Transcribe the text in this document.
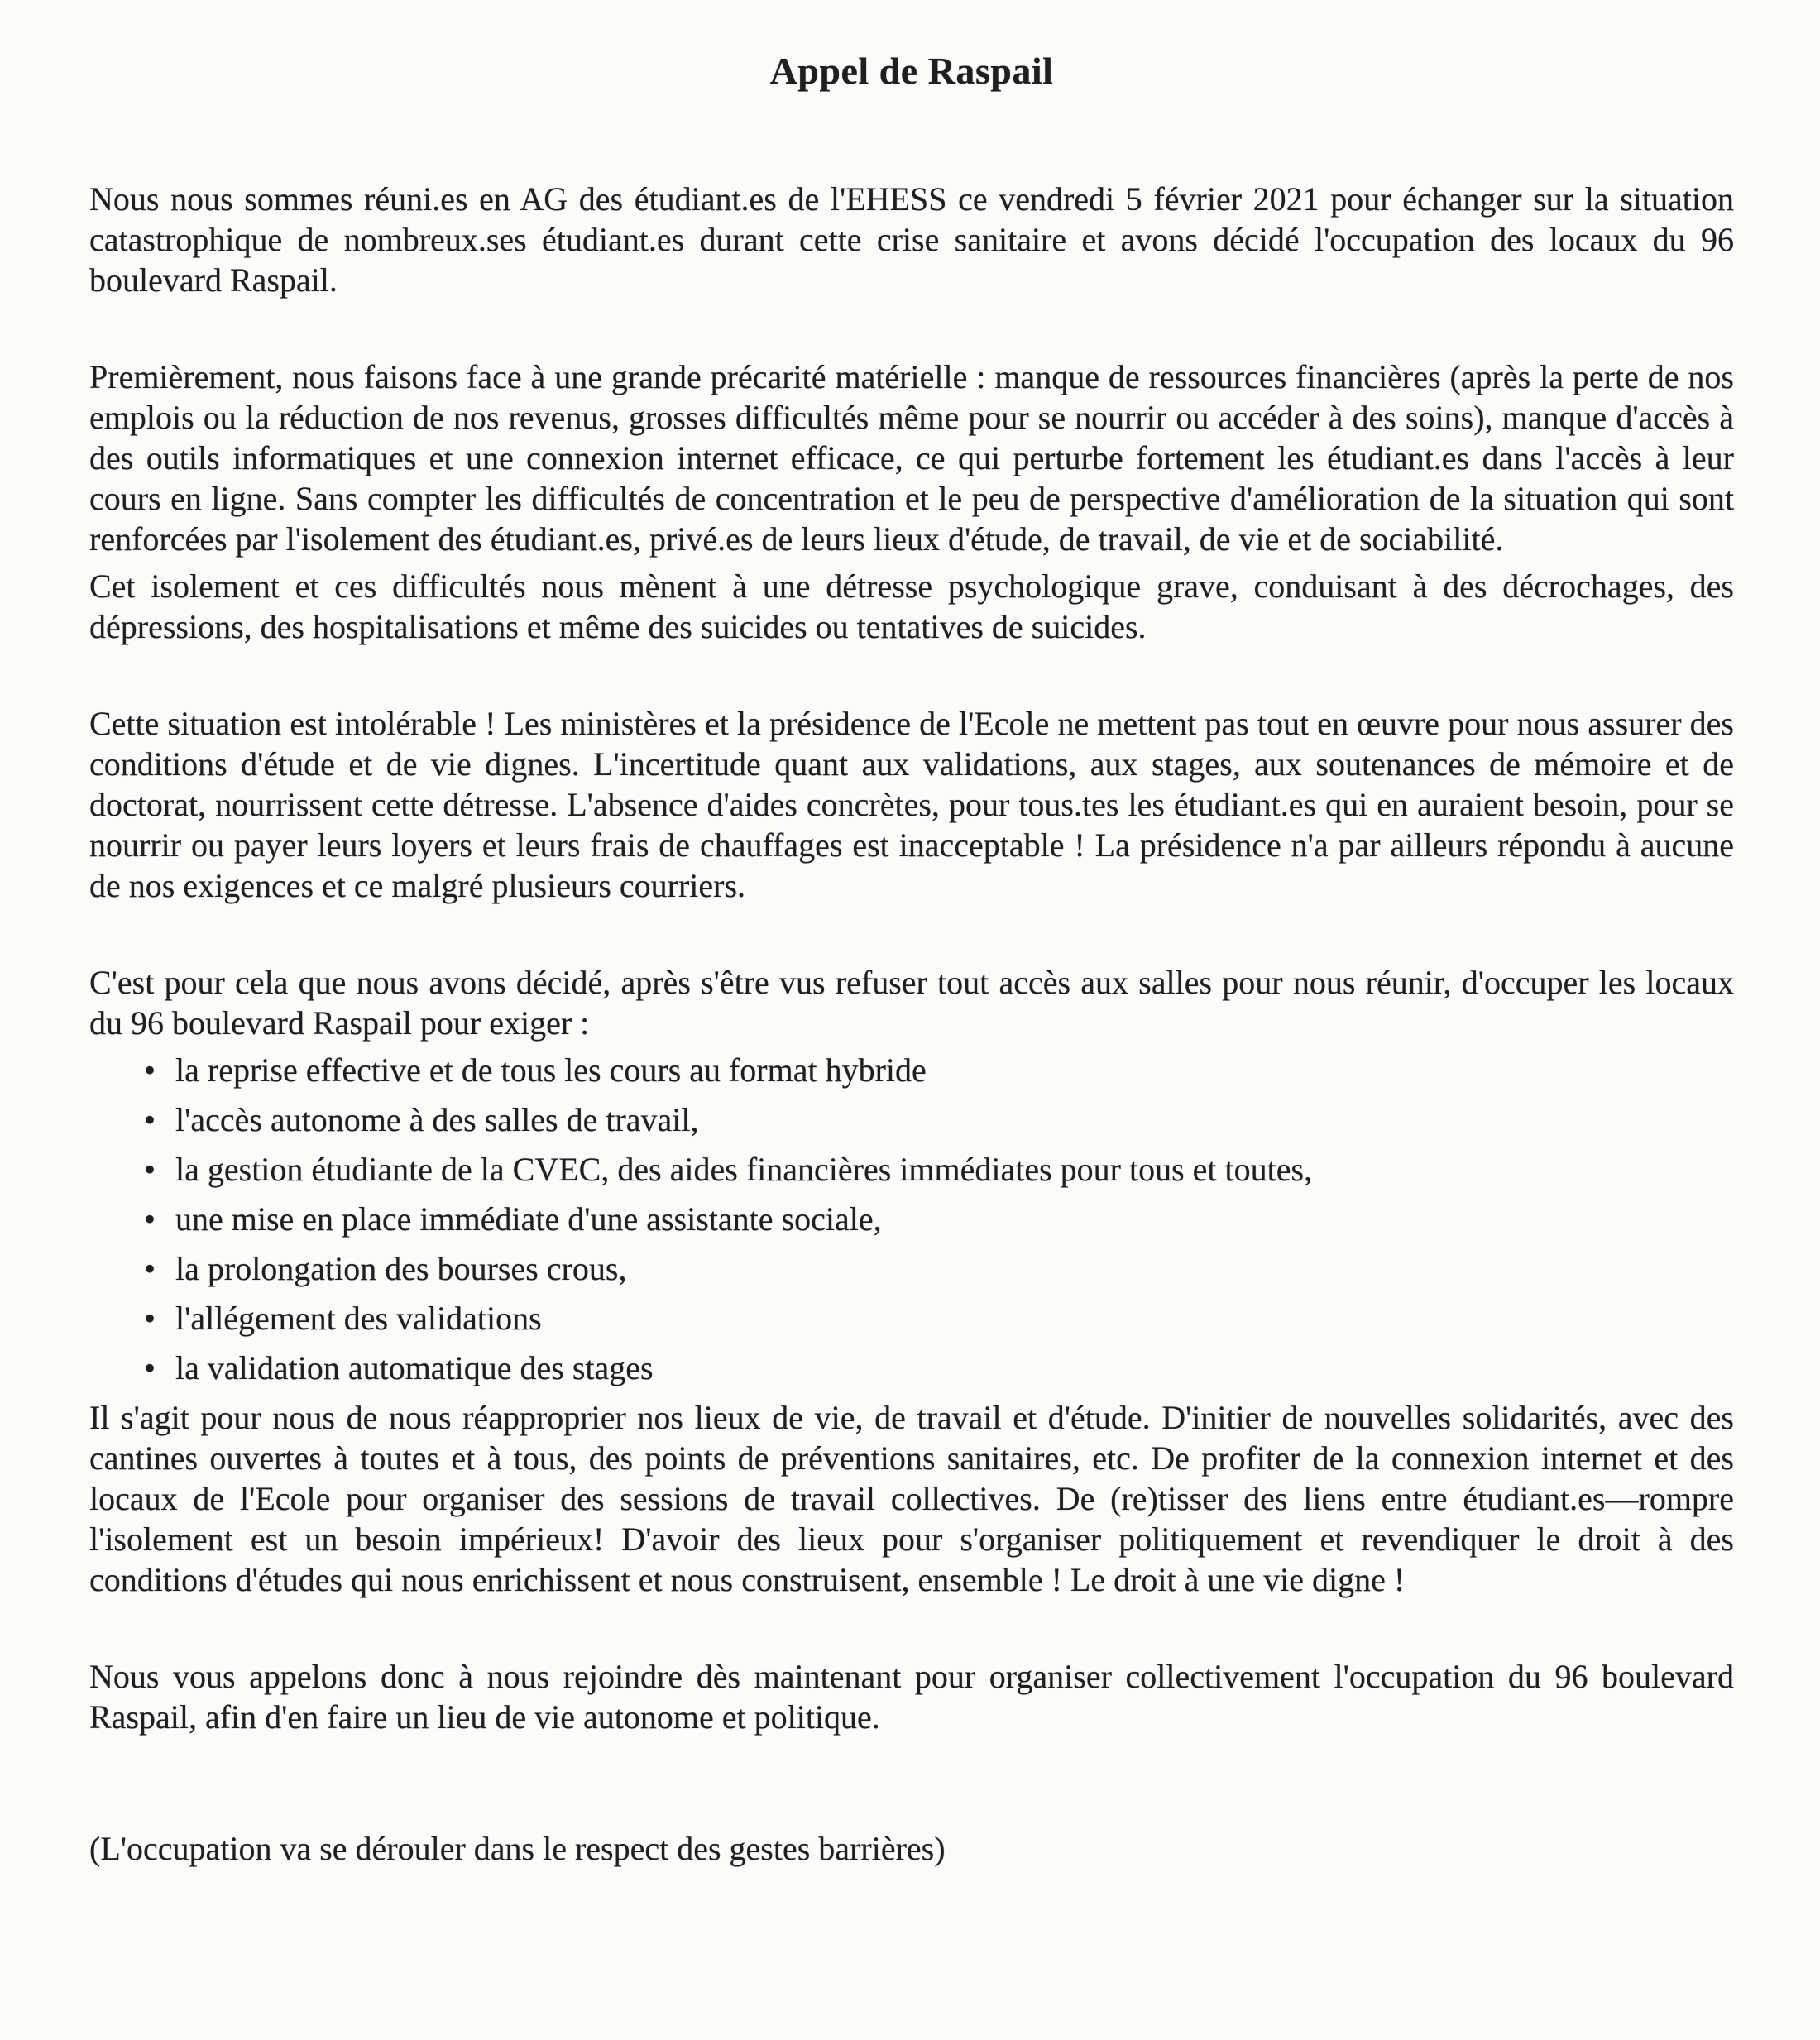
Appel de Raspail

Nous nous sommes réuni.es en AG des étudiant.es de l'EHESS ce vendredi 5 février 2021 pour échanger sur la situation catastrophique de nombreux.ses étudiant.es durant cette crise sanitaire et avons décidé l'occupation des locaux du 96 boulevard Raspail.

Premièrement, nous faisons face à une grande précarité matérielle : manque de ressources financières (après la perte de nos emplois ou la réduction de nos revenus, grosses difficultés même pour se nourrir ou accéder à des soins), manque d'accès à des outils informatiques et une connexion internet efficace, ce qui perturbe fortement les étudiant.es dans l'accès à leur cours en ligne. Sans compter les difficultés de concentration et le peu de perspective d'amélioration de la situation qui sont renforcées par l'isolement des étudiant.es, privé.es de leurs lieux d'étude, de travail, de vie et de sociabilité.

Cet isolement et ces difficultés nous mènent à une détresse psychologique grave, conduisant à des décrochages, des dépressions, des hospitalisations et même des suicides ou tentatives de suicides.

Cette situation est intolérable ! Les ministères et la présidence de l'Ecole ne mettent pas tout en œuvre pour nous assurer des conditions d'étude et de vie dignes. L'incertitude quant aux validations, aux stages, aux soutenances de mémoire et de doctorat, nourrissent cette détresse. L'absence d'aides concrètes, pour tous.tes les étudiant.es qui en auraient besoin, pour se nourrir ou payer leurs loyers et leurs frais de chauffages est inacceptable ! La présidence n'a par ailleurs répondu à aucune de nos exigences et ce malgré plusieurs courriers.

C'est pour cela que nous avons décidé, après s'être vus refuser tout accès aux salles pour nous réunir, d'occuper les locaux du 96 boulevard Raspail pour exiger :

• la reprise effective et de tous les cours au format hybride
• l'accès autonome à des salles de travail,
• la gestion étudiante de la CVEC, des aides financières immédiates pour tous et toutes,
• une mise en place immédiate d'une assistante sociale,
• la prolongation des bourses crous,
• l'allégement des validations
• la validation automatique des stages

Il s'agit pour nous de nous réapproprier nos lieux de vie, de travail et d'étude. D'initier de nouvelles solidarités, avec des cantines ouvertes à toutes et à tous, des points de préventions sanitaires, etc. De profiter de la connexion internet et des locaux de l'Ecole pour organiser des sessions de travail collectives. De (re)tisser des liens entre étudiant.es—rompre l'isolement est un besoin impérieux! D'avoir des lieux pour s'organiser politiquement et revendiquer le droit à des conditions d'études qui nous enrichissent et nous construisent, ensemble ! Le droit à une vie digne !

Nous vous appelons donc à nous rejoindre dès maintenant pour organiser collectivement l'occupation du 96 boulevard Raspail, afin d'en faire un lieu de vie autonome et politique.

(L'occupation va se dérouler dans le respect des gestes barrières)
